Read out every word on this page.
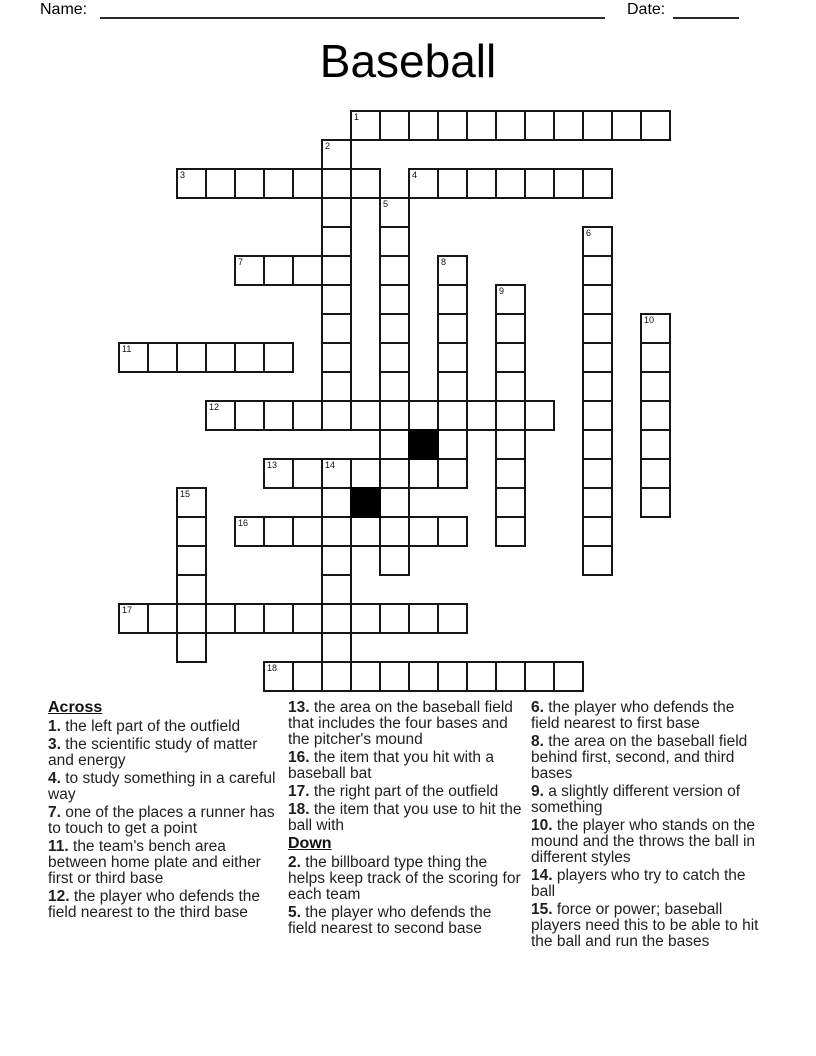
Name:	Date:
Baseball
1
2
3	4
5
6
7	8
9
10
11
12
13	14
15
16
17
18
Across
1. the left part of the outfield
3. the scientific study of matter and energy
4. to study something in a careful way
7. one of the places a runner has to touch to get a point
11. the team's bench area between home plate and either first or third base
12. the player who defends the field nearest to the third base
13. the area on the baseball field that includes the four bases and the pitcher's mound
16. the item that you hit with a baseball bat
17. the right part of the outfield
18. the item that you use to hit the ball with
Down
2. the billboard type thing the helps keep track of the scoring for each team
5. the player who defends the field nearest to second base
6. the player who defends the field nearest to first base
8. the area on the baseball field behind first, second, and third bases
9. a slightly different version of something
10. the player who stands on the mound and the throws the ball in different styles
14. players who try to catch the ball
15. force or power; baseball players need this to be able to hit the ball and run the bases
